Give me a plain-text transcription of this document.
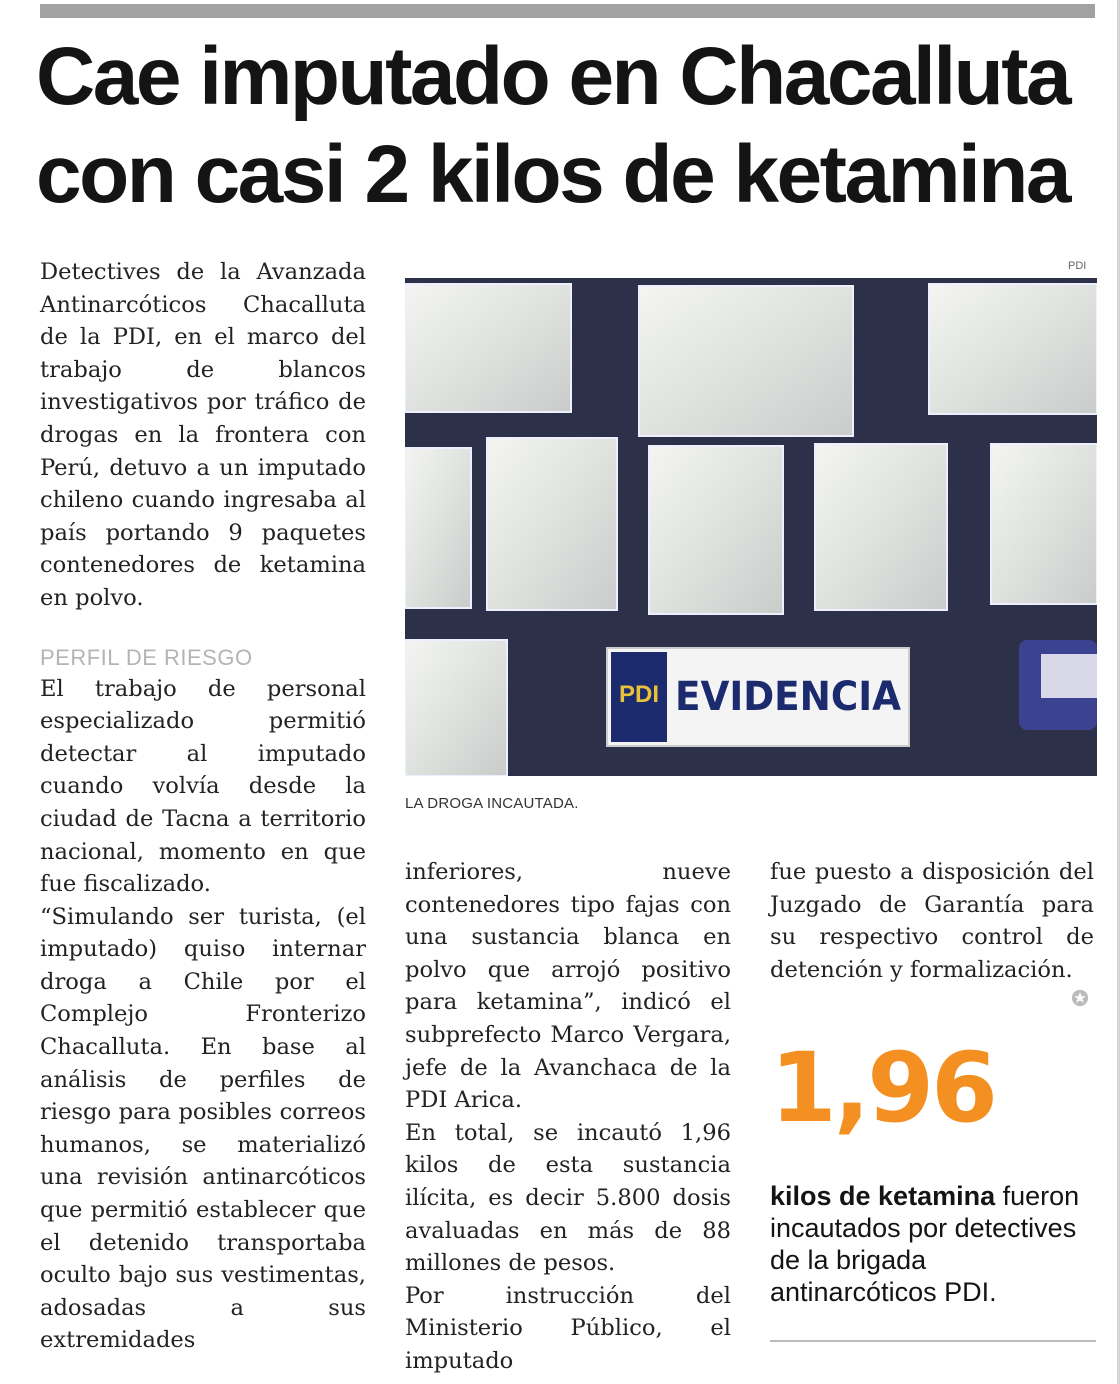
Cae imputado en Chacalluta con casi 2 kilos de ketamina

Detectives de la Avanzada Antinarcóticos Chacalluta de la PDI, en el marco del trabajo de blancos investigativos por tráfico de drogas en la frontera con Perú, detuvo a un imputado chileno cuando ingresaba al país portando 9 paquetes contenedores de ketamina en polvo.

PERFIL DE RIESGO

El trabajo de personal especializado permitió detectar al imputado cuando volvía desde la ciudad de Tacna a territorio nacional, momento en que fue fiscalizado.

“Simulando ser turista, (el imputado) quiso internar droga a Chile por el Complejo Fronterizo Chacalluta. En base al análisis de perfiles de riesgo para posibles correos humanos, se materializó una revisión antinarcóticos que permitió establecer que el detenido transportaba oculto bajo sus vestimentas, adosadas a sus extremidades

PDI
PDI EVIDENCIA
LA DROGA INCAUTADA.

inferiores, nueve contenedores tipo fajas con una sustancia blanca en polvo que arrojó positivo para ketamina”, indicó el subprefecto Marco Vergara, jefe de la Avanchaca de la PDI Arica.

En total, se incautó 1,96 kilos de esta sustancia ilícita, es decir 5.800 dosis avaluadas en más de 88 millones de pesos.

Por instrucción del Ministerio Público, el imputado

fue puesto a disposición del Juzgado de Garantía para su respectivo control de detención y formalización.

1,96

kilos de ketamina fueron incautados por detectives de la brigada antinarcóticos PDI.
